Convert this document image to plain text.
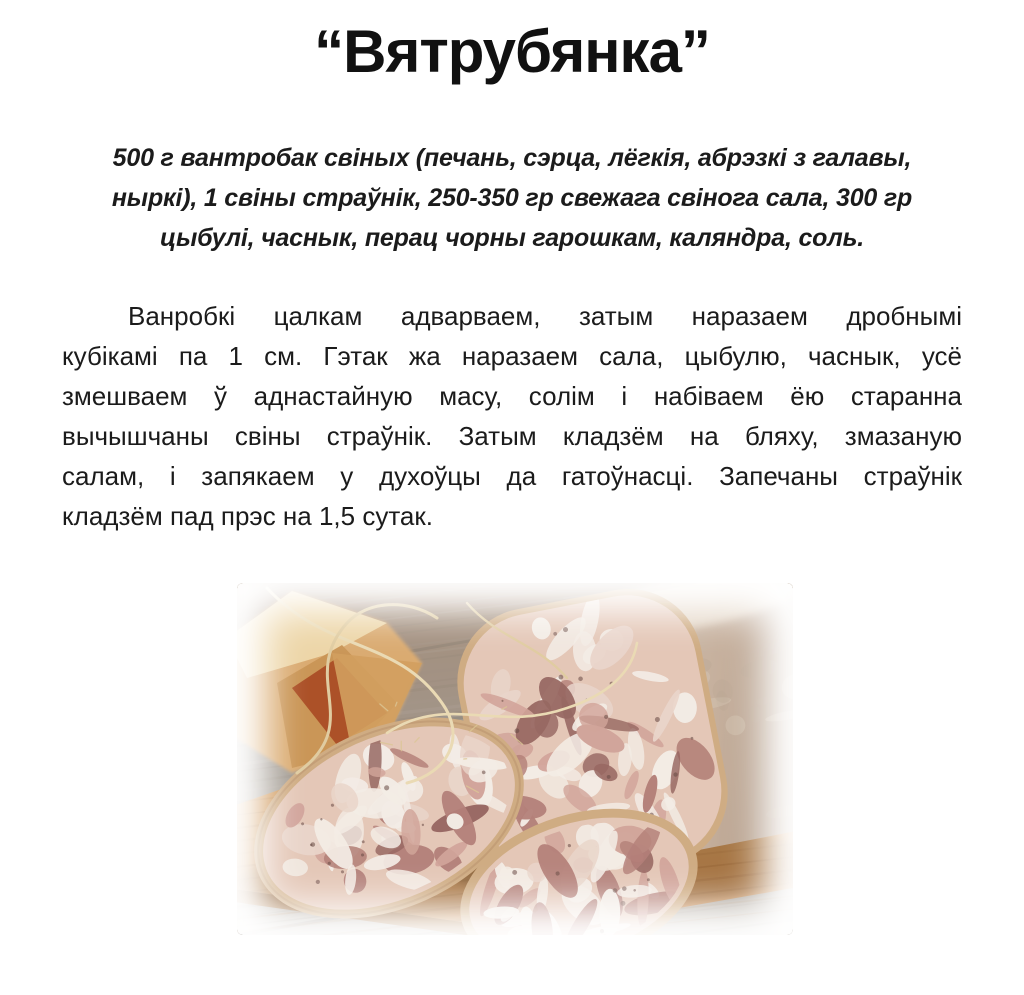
“Вятрубянка”
500 г вантробак свіных (печань, сэрца, лёгкія, абрэзкі з галавы,
ныркі), 1 свіны страўнік, 250-350 гр свежага свінога сала, 300 гр
цыбулі, часнык, перац чорны гарошкам, каляндра, соль.
Ванробкі цалкам адварваем, затым наразаем дробнымі
кубікамі па 1 см. Гэтак жа наразаем сала, цыбулю, часнык, усё
змешваем ў аднастайную масу, солім і набіваем ёю старанна
вычышчаны свіны страўнік. Затым кладзём на бляху, змазаную
салам, і запякаем у духоўцы да гатоўнасці. Запечаны страўнік
кладзём пад прэс на 1,5 сутак.
